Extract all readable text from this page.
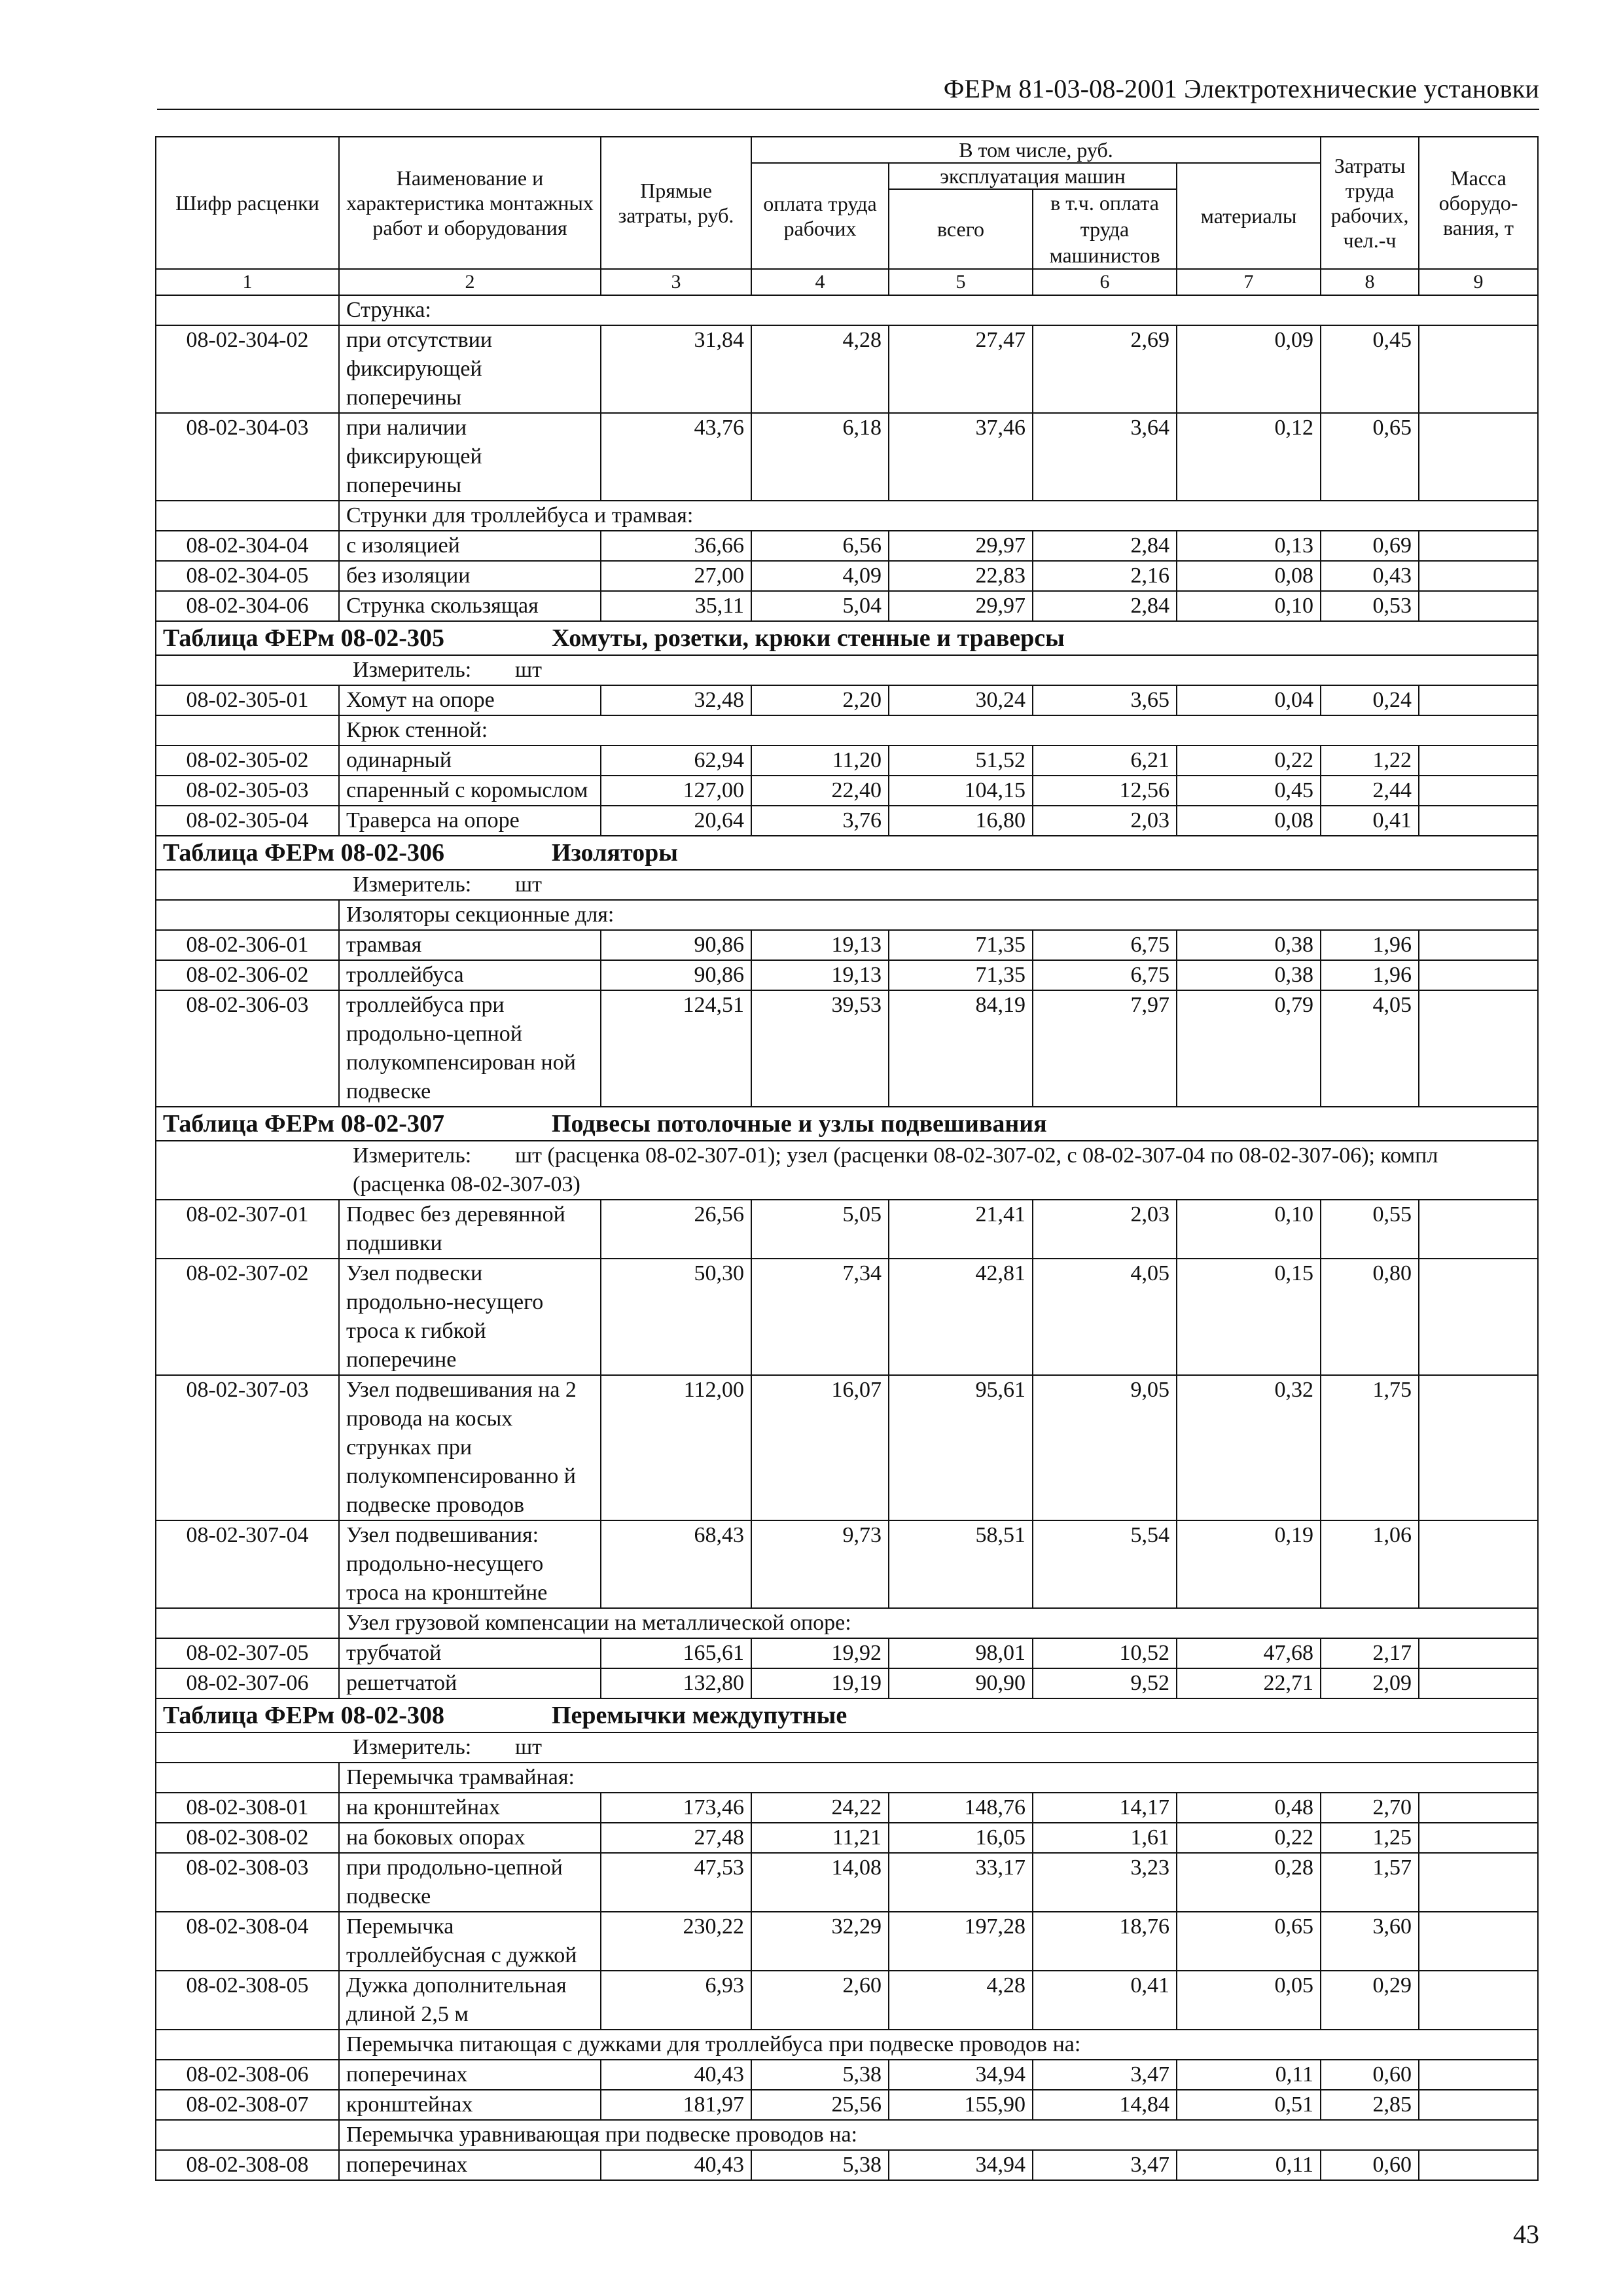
ФЕРм 81-03-08-2001 Электротехнические установки
Шифр расценки	Наименование и характеристика монтажных работ и оборудования	Прямые затраты, руб.	В том числе, руб.				Затраты труда рабочих, чел.-ч	Масса оборудо-вания, т
			оплата труда рабочих	эксплуатация машин		материалы		
				всего	в т.ч. оплата труда машинистов			
1	2	3	4	5	6	7	8	9
	Струнка:							
08-02-304-02	при отсутствии фиксирующей поперечины	31,84	4,28	27,47	2,69	0,09	0,45	
08-02-304-03	при наличии фиксирующей поперечины	43,76	6,18	37,46	3,64	0,12	0,65	
	Струнки для троллейбуса и трамвая:							
08-02-304-04	с изоляцией	36,66	6,56	29,97	2,84	0,13	0,69	
08-02-304-05	без изоляции	27,00	4,09	22,83	2,16	0,08	0,43	
08-02-304-06	Струнка скользящая	35,11	5,04	29,97	2,84	0,10	0,53	
Таблица ФЕРм 08-02-305 Хомуты, розетки, крюки стенные и траверсы								
Измеритель: шт								
08-02-305-01	Хомут на опоре	32,48	2,20	30,24	3,65	0,04	0,24	
	Крюк стенной:							
08-02-305-02	одинарный	62,94	11,20	51,52	6,21	0,22	1,22	
08-02-305-03	спаренный с коромыслом	127,00	22,40	104,15	12,56	0,45	2,44	
08-02-305-04	Траверса на опоре	20,64	3,76	16,80	2,03	0,08	0,41	
Таблица ФЕРм 08-02-306 Изоляторы								
Измеритель: шт								
	Изоляторы секционные для:							
08-02-306-01	трамвая	90,86	19,13	71,35	6,75	0,38	1,96	
08-02-306-02	троллейбуса	90,86	19,13	71,35	6,75	0,38	1,96	
08-02-306-03	троллейбуса при продольно-цепной полукомпенсирован ной подвеске	124,51	39,53	84,19	7,97	0,79	4,05	
Таблица ФЕРм 08-02-307 Подвесы потолочные и узлы подвешивания								
Измеритель: шт (расценка 08-02-307-01); узел (расценки 08-02-307-02, с 08-02-307-04 по 08-02-307-06); компл (расценка 08-02-307-03)								
08-02-307-01	Подвес без деревянной подшивки	26,56	5,05	21,41	2,03	0,10	0,55	
08-02-307-02	Узел подвески продольно-несущего троса к гибкой поперечине	50,30	7,34	42,81	4,05	0,15	0,80	
08-02-307-03	Узел подвешивания на 2 провода на косых струнках при полукомпенсированно й подвеске проводов	112,00	16,07	95,61	9,05	0,32	1,75	
08-02-307-04	Узел подвешивания: продольно-несущего троса на кронштейне	68,43	9,73	58,51	5,54	0,19	1,06	
	Узел грузовой компенсации на металлической опоре:							
08-02-307-05	трубчатой	165,61	19,92	98,01	10,52	47,68	2,17	
08-02-307-06	решетчатой	132,80	19,19	90,90	9,52	22,71	2,09	
Таблица ФЕРм 08-02-308 Перемычки междупутные								
Измеритель: шт								
	Перемычка трамвайная:							
08-02-308-01	на кронштейнах	173,46	24,22	148,76	14,17	0,48	2,70	
08-02-308-02	на боковых опорах	27,48	11,21	16,05	1,61	0,22	1,25	
08-02-308-03	при продольно-цепной подвеске	47,53	14,08	33,17	3,23	0,28	1,57	
08-02-308-04	Перемычка троллейбусная с дужкой	230,22	32,29	197,28	18,76	0,65	3,60	
08-02-308-05	Дужка дополнительная длиной 2,5 м	6,93	2,60	4,28	0,41	0,05	0,29	
	Перемычка питающая с дужками для троллейбуса при подвеске проводов на:							
08-02-308-06	поперечинах	40,43	5,38	34,94	3,47	0,11	0,60	
08-02-308-07	кронштейнах	181,97	25,56	155,90	14,84	0,51	2,85	
	Перемычка уравнивающая при подвеске проводов на:							
08-02-308-08	поперечинах	40,43	5,38	34,94	3,47	0,11	0,60	
43
